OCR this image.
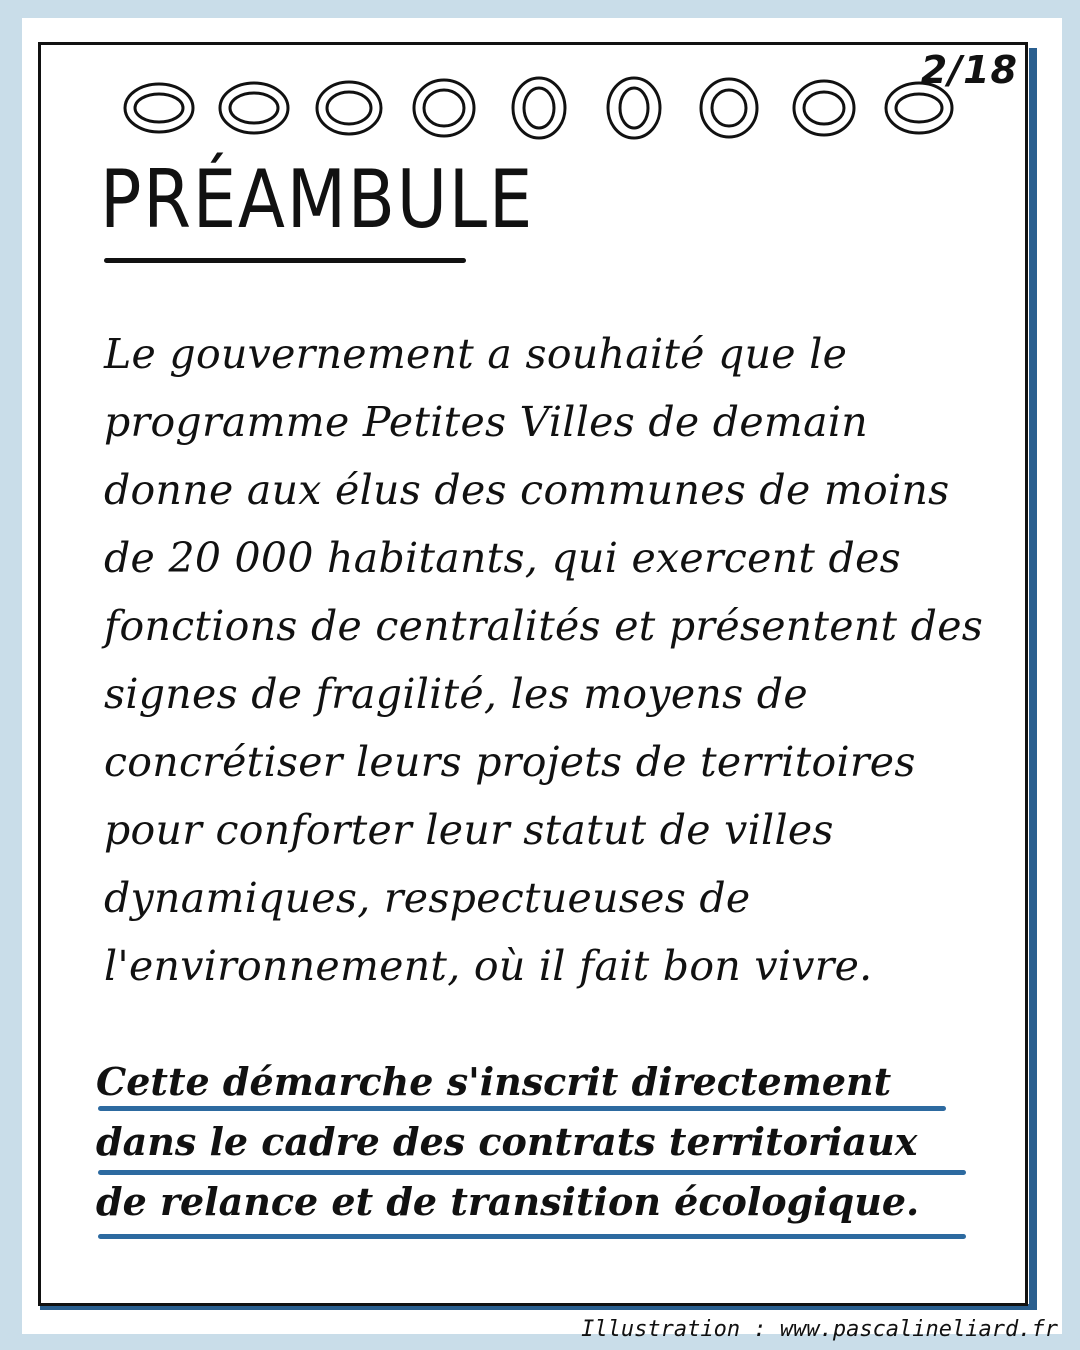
2/18
PRÉAMBULE

Le gouvernement a souhaité que le programme Petites Villes de demain donne aux élus des communes de moins de 20 000 habitants, qui exercent des fonctions de centralités et présentent des signes de fragilité, les moyens de concrétiser leurs projets de territoires pour conforter leur statut de villes dynamiques, respectueuses de l'environnement, où il fait bon vivre.

Cette démarche s'inscrit directement dans le cadre des contrats territoriaux de relance et de transition écologique.

Illustration : www.pascalineliard.fr
